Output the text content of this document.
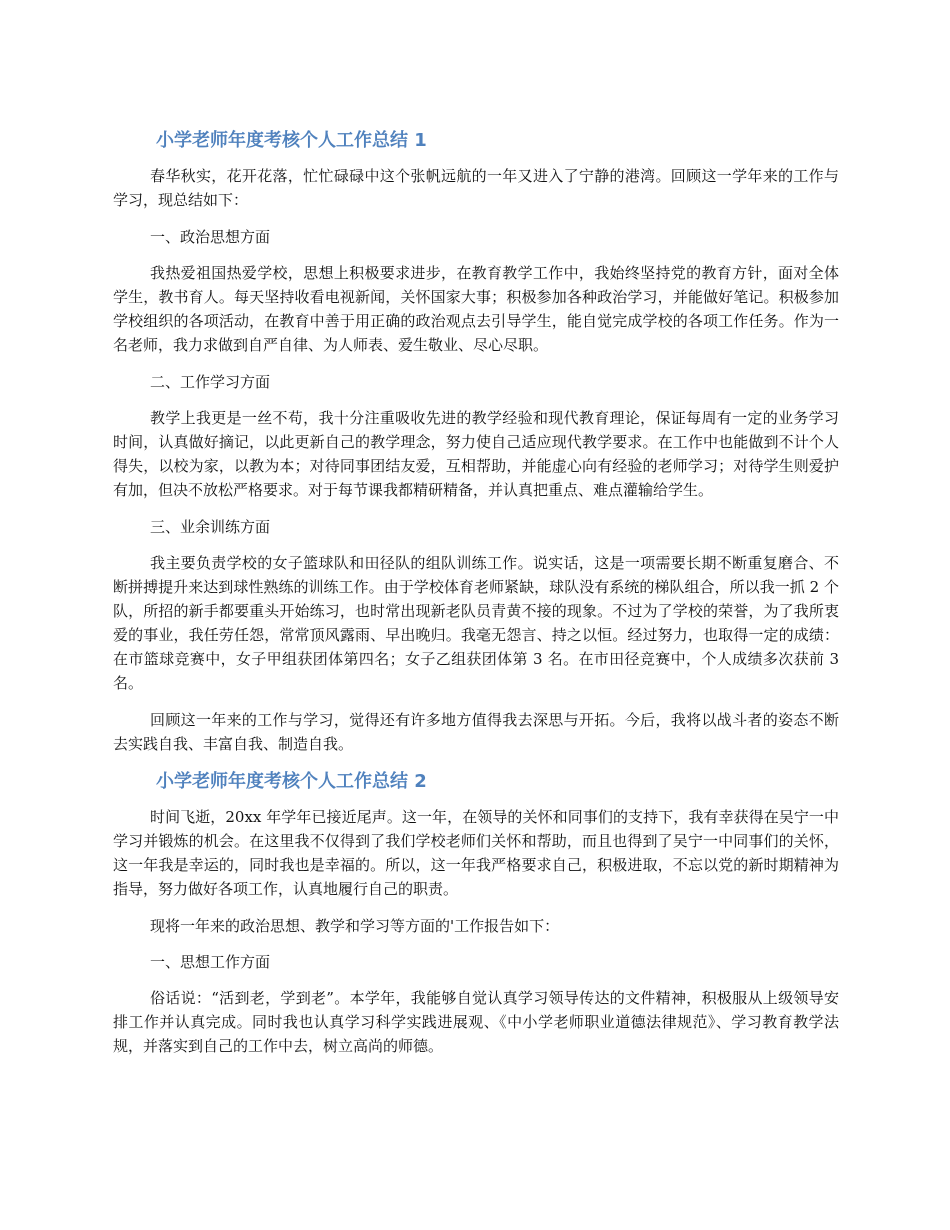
小学老师年度考核个人工作总结 1

春华秋实，花开花落，忙忙碌碌中这个张帆远航的一年又进入了宁静的港湾。回顾这一学年来的工作与学习，现总结如下：

一、政治思想方面

我热爱祖国热爱学校，思想上积极要求进步，在教育教学工作中，我始终坚持党的教育方针，面对全体学生，教书育人。每天坚持收看电视新闻，关怀国家大事；积极参加各种政治学习，并能做好笔记。积极参加学校组织的各项活动，在教育中善于用正确的政治观点去引导学生，能自觉完成学校的各项工作任务。作为一名老师，我力求做到自严自律、为人师表、爱生敬业、尽心尽职。

二、工作学习方面

教学上我更是一丝不苟，我十分注重吸收先进的教学经验和现代教育理论，保证每周有一定的业务学习时间，认真做好摘记，以此更新自己的教学理念，努力使自己适应现代教学要求。在工作中也能做到不计个人得失，以校为家，以教为本；对待同事团结友爱，互相帮助，并能虚心向有经验的老师学习；对待学生则爱护有加，但决不放松严格要求。对于每节课我都精研精备，并认真把重点、难点灌输给学生。

三、业余训练方面

我主要负责学校的女子篮球队和田径队的组队训练工作。说实话，这是一项需要长期不断重复磨合、不断拼搏提升来达到球性熟练的训练工作。由于学校体育老师紧缺，球队没有系统的梯队组合，所以我一抓 2 个队，所招的新手都要重头开始练习，也时常出现新老队员青黄不接的现象。不过为了学校的荣誉，为了我所衷爱的事业，我任劳任怨，常常顶风露雨、早出晚归。我毫无怨言、持之以恒。经过努力，也取得一定的成绩：在市篮球竞赛中，女子甲组获团体第四名；女子乙组获团体第 3 名。在市田径竞赛中，个人成绩多次获前 3 名。

回顾这一年来的工作与学习，觉得还有许多地方值得我去深思与开拓。今后，我将以战斗者的姿态不断去实践自我、丰富自我、制造自我。

小学老师年度考核个人工作总结 2

时间飞逝，20xx 年学年已接近尾声。这一年，在领导的关怀和同事们的支持下，我有幸获得在吴宁一中学习并锻炼的机会。在这里我不仅得到了我们学校老师们关怀和帮助，而且也得到了吴宁一中同事们的关怀，这一年我是幸运的，同时我也是幸福的。所以，这一年我严格要求自己，积极进取，不忘以党的新时期精神为指导，努力做好各项工作，认真地履行自己的职责。

现将一年来的政治思想、教学和学习等方面的'工作报告如下：

一、思想工作方面

俗话说：“活到老，学到老”。本学年，我能够自觉认真学习领导传达的文件精神，积极服从上级领导安排工作并认真完成。同时我也认真学习科学实践进展观、《中小学老师职业道德法律规范》、学习教育教学法规，并落实到自己的工作中去，树立高尚的师德。
